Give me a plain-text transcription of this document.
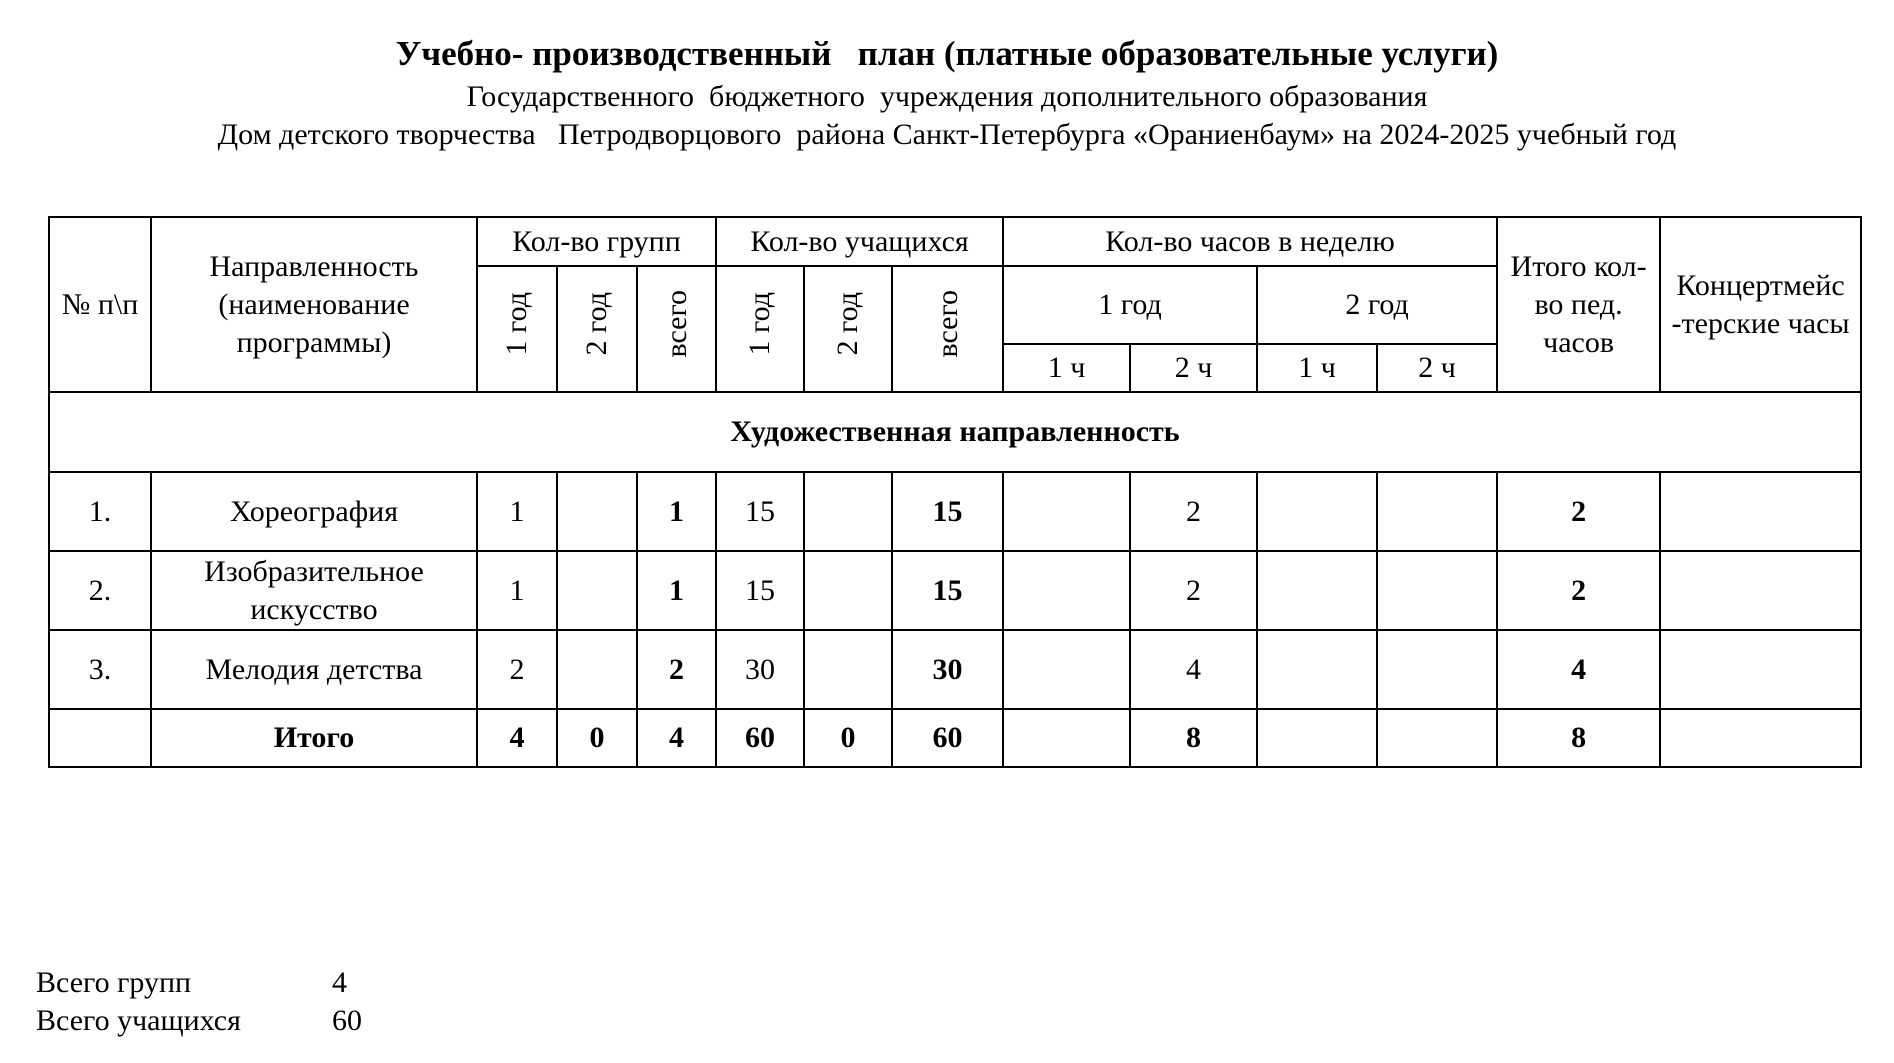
Учебно- производственный   план (платные образовательные услуги)
Государственного  бюджетного  учреждения дополнительного образования
Дом детского творчества   Петродворцового  района Санкт-Петербурга «Ораниенбаум» на 2024-2025 учебный год
№ п\п	Направленность (наименование программы)	Кол-во групп			Кол-во учащихся			Кол-во часов в неделю				Итого кол-во пед. часов	Концертмейс -терские часы
		1 год	2 год	всего	1 год	2 год	всего	1 год		2 год			
								1 ч	2 ч	1 ч	2 ч		
Художественная направленность													
1.	Хореография	1		1	15		15		2			2	
2.	Изобразительное искусство	1		1	15		15		2			2	
3.	Мелодия детства	2		2	30		30		4			4	
	Итого	4	0	4	60	0	60		8			8	
Всего групп	4
Всего учащихся	60
